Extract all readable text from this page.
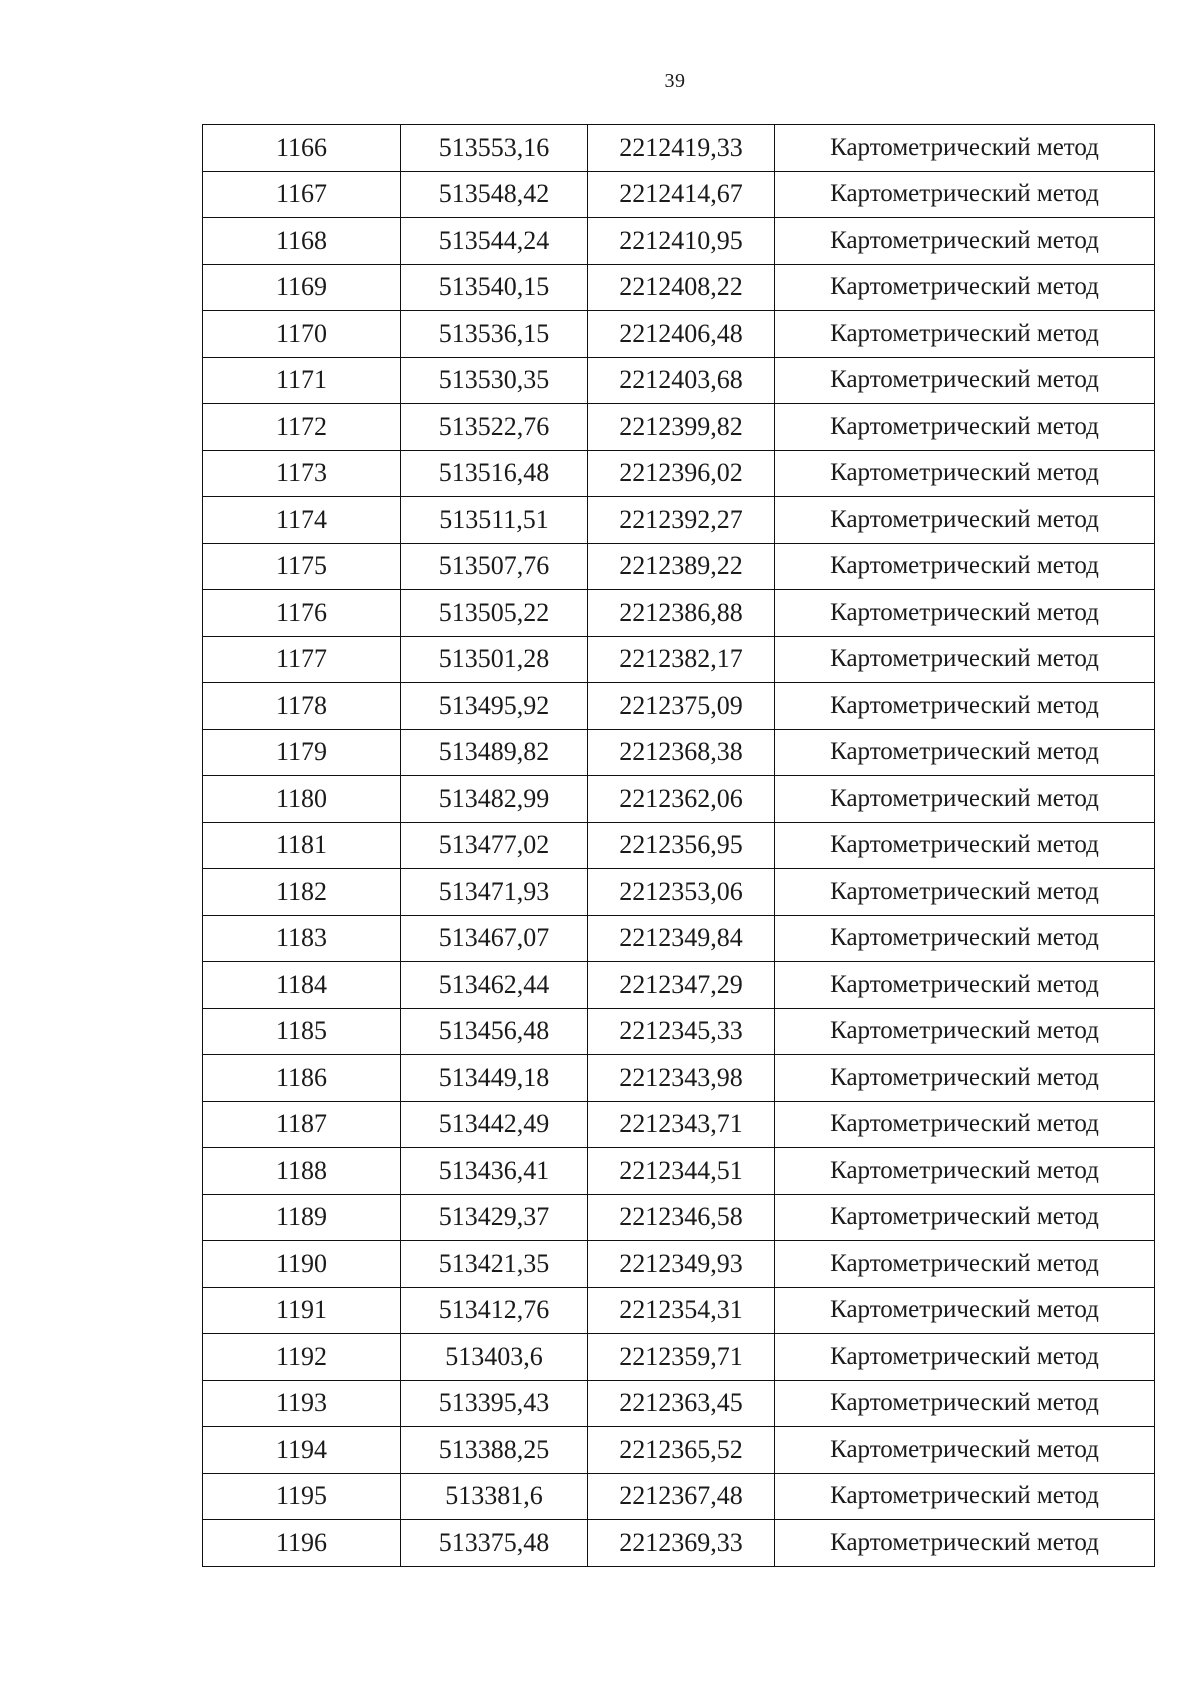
39
1166	513553,16	2212419,33	Картометрический метод
1167	513548,42	2212414,67	Картометрический метод
1168	513544,24	2212410,95	Картометрический метод
1169	513540,15	2212408,22	Картометрический метод
1170	513536,15	2212406,48	Картометрический метод
1171	513530,35	2212403,68	Картометрический метод
1172	513522,76	2212399,82	Картометрический метод
1173	513516,48	2212396,02	Картометрический метод
1174	513511,51	2212392,27	Картометрический метод
1175	513507,76	2212389,22	Картометрический метод
1176	513505,22	2212386,88	Картометрический метод
1177	513501,28	2212382,17	Картометрический метод
1178	513495,92	2212375,09	Картометрический метод
1179	513489,82	2212368,38	Картометрический метод
1180	513482,99	2212362,06	Картометрический метод
1181	513477,02	2212356,95	Картометрический метод
1182	513471,93	2212353,06	Картометрический метод
1183	513467,07	2212349,84	Картометрический метод
1184	513462,44	2212347,29	Картометрический метод
1185	513456,48	2212345,33	Картометрический метод
1186	513449,18	2212343,98	Картометрический метод
1187	513442,49	2212343,71	Картометрический метод
1188	513436,41	2212344,51	Картометрический метод
1189	513429,37	2212346,58	Картометрический метод
1190	513421,35	2212349,93	Картометрический метод
1191	513412,76	2212354,31	Картометрический метод
1192	513403,6	2212359,71	Картометрический метод
1193	513395,43	2212363,45	Картометрический метод
1194	513388,25	2212365,52	Картометрический метод
1195	513381,6	2212367,48	Картометрический метод
1196	513375,48	2212369,33	Картометрический метод
